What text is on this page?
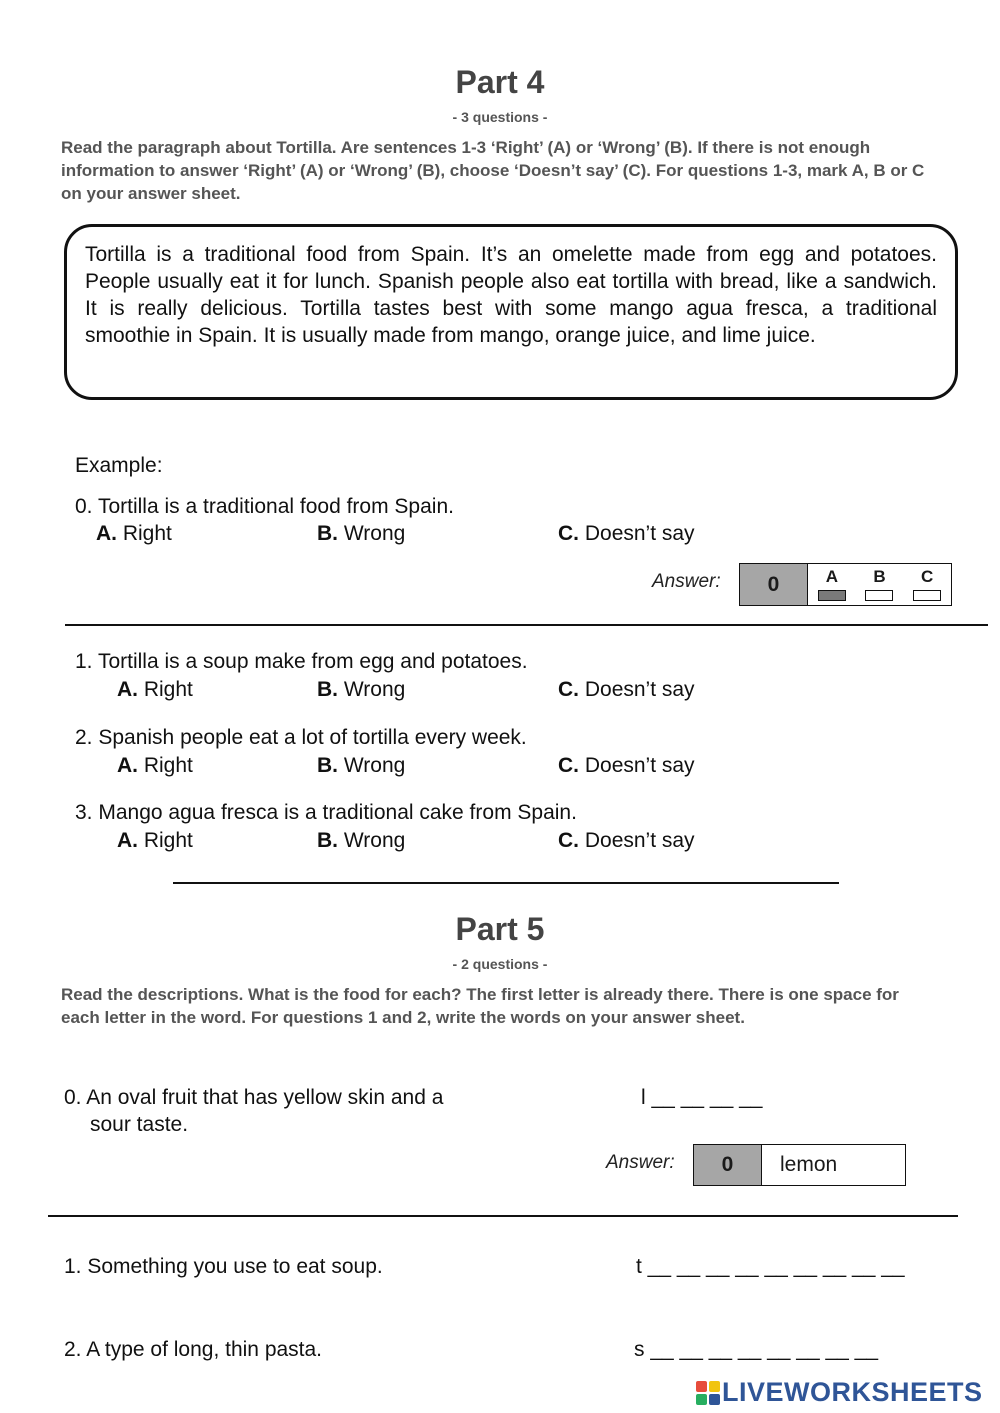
Part 4
- 3 questions -
Read the paragraph about Tortilla. Are sentences 1-3 ‘Right’ (A) or ‘Wrong’ (B). If there is not enough information to answer ‘Right’ (A) or ‘Wrong’ (B), choose ‘Doesn’t say’ (C). For questions 1-3, mark A, B or C on your answer sheet.
Tortilla is a traditional food from Spain. It’s an omelette made from egg and potatoes. People usually eat it for lunch. Spanish people also eat tortilla with bread, like a sandwich. It is really delicious. Tortilla tastes best with some mango agua fresca, a traditional smoothie in Spain. It is usually made from mango, orange juice, and lime juice.
Example:
0. Tortilla is a traditional food from Spain.
A. Right	B. Wrong	C. Doesn’t say
Answer:	0	A B C
1. Tortilla is a soup make from egg and potatoes.
A. Right	B. Wrong	C. Doesn’t say
2. Spanish people eat a lot of tortilla every week.
A. Right	B. Wrong	C. Doesn’t say
3. Mango agua fresca is a traditional cake from Spain.
A. Right	B. Wrong	C. Doesn’t say
Part 5
- 2 questions -
Read the descriptions. What is the food for each? The first letter is already there. There is one space for each letter in the word. For questions 1 and 2, write the words on your answer sheet.
0. An oval fruit that has yellow skin and a
sour taste.
l __ __ __ __
Answer:	0	lemon
1. Something you use to eat soup.	t __ __ __ __ __ __ __ __ __
2. A type of long, thin pasta.	s __ __ __ __ __ __ __ __
LIVEWORKSHEETS
